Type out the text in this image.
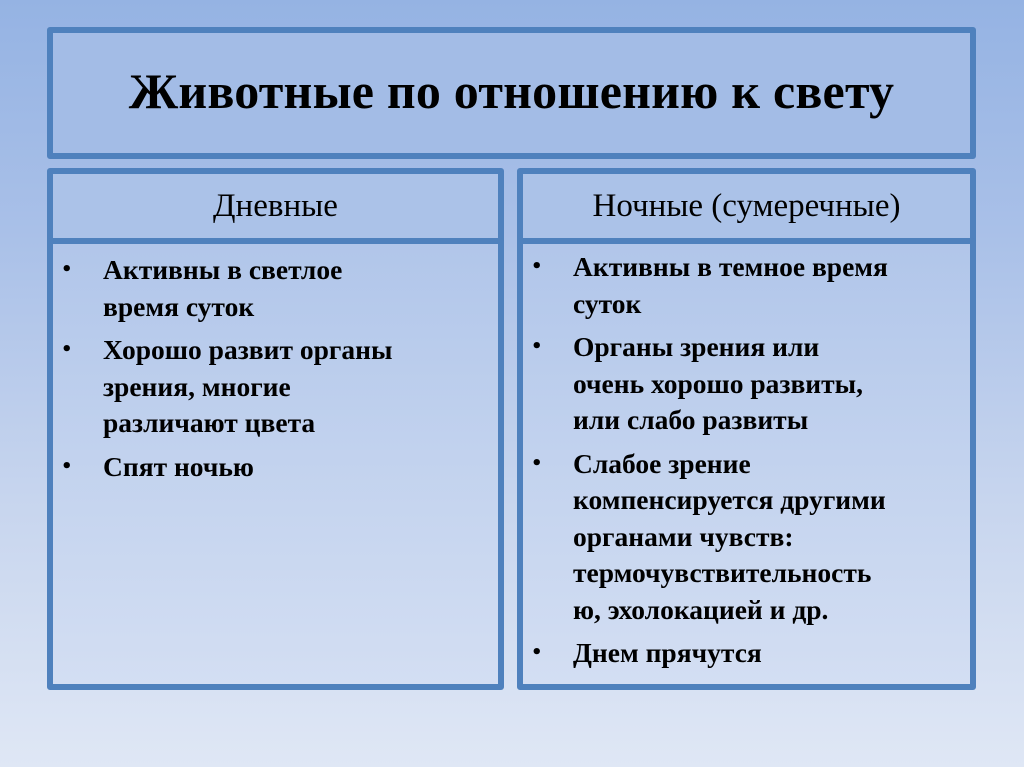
Животные по отношению к свету
Дневные
• Активны в светлое
время суток
• Хорошо развит органы
зрения, многие
различают цвета
• Спят ночью
Ночные (сумеречные)
• Активны в темное время
суток
• Органы зрения или
очень хорошо развиты,
или слабо развиты
• Слабое зрение
компенсируется другими
органами чувств:
термочувствительность
ю, эхолокацией и др.
• Днем прячутся
